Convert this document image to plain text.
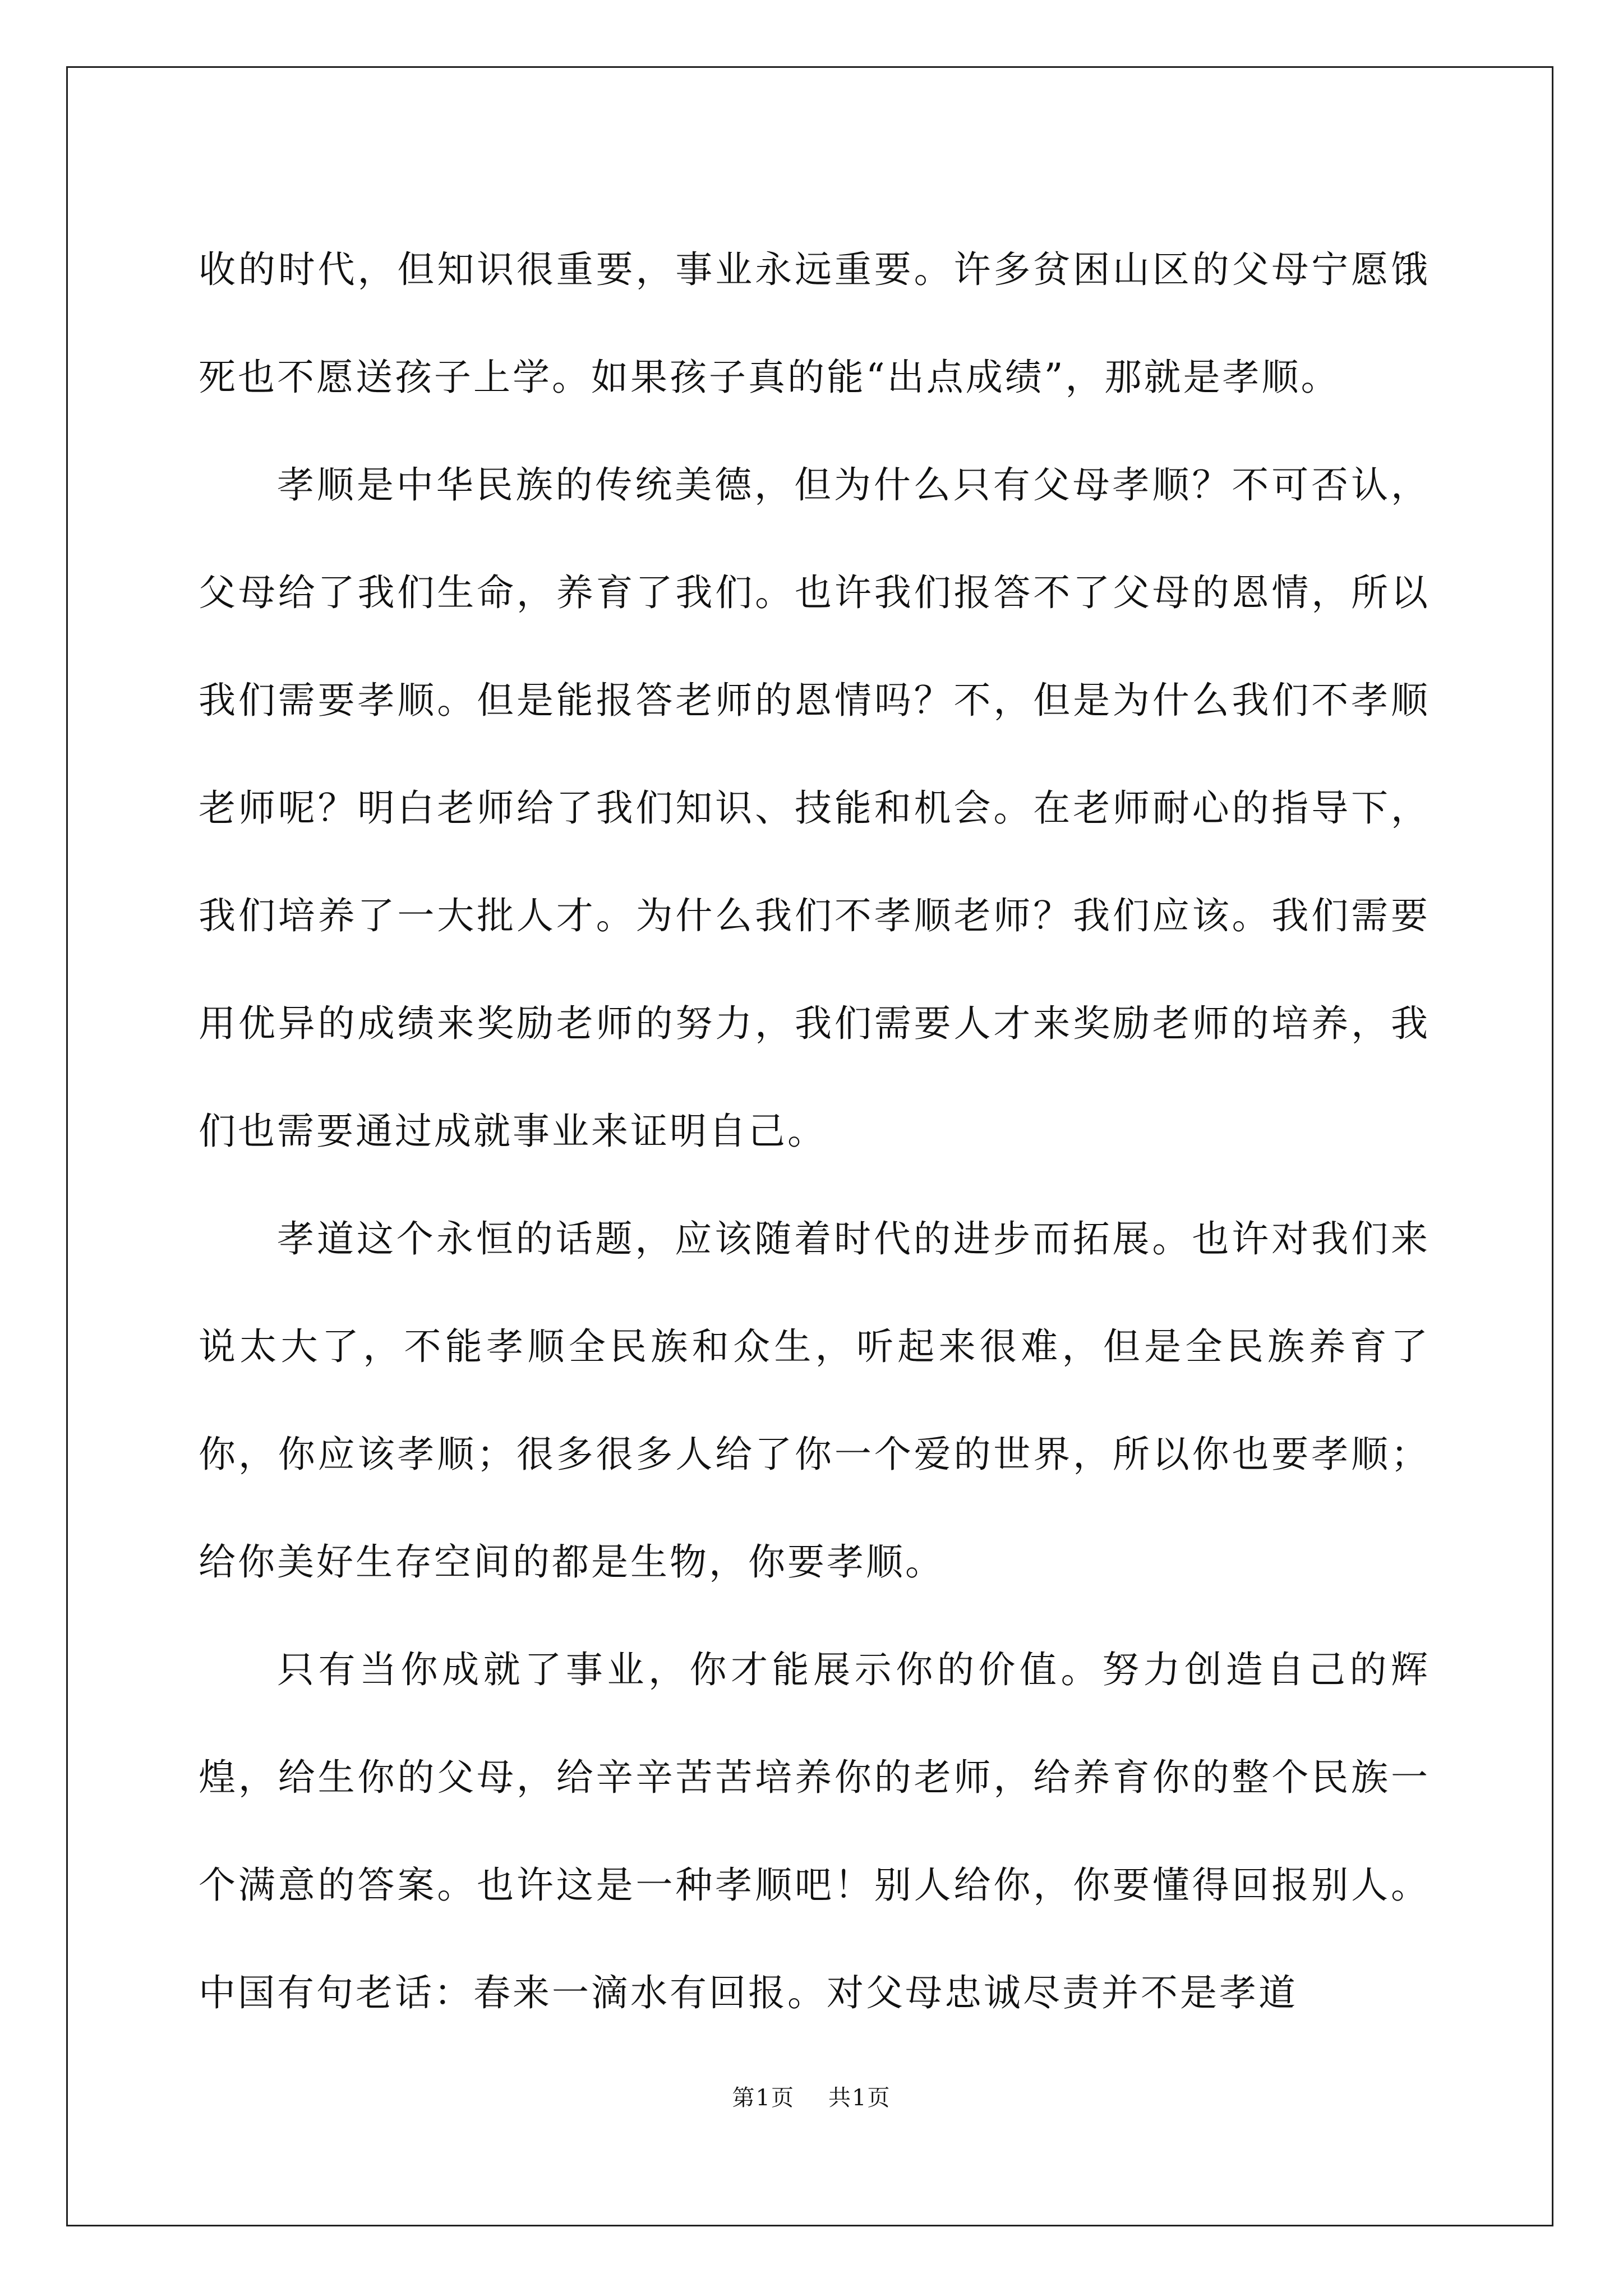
收的时代，但知识很重要，事业永远重要。许多贫困山区的父母宁愿饿死也不愿送孩子上学。如果孩子真的能“出点成绩”，那就是孝顺。

孝顺是中华民族的传统美德，但为什么只有父母孝顺？不可否认，父母给了我们生命，养育了我们。也许我们报答不了父母的恩情，所以我们需要孝顺。但是能报答老师的恩情吗？不，但是为什么我们不孝顺老师呢？明白老师给了我们知识、技能和机会。在老师耐心的指导下，我们培养了一大批人才。为什么我们不孝顺老师？我们应该。我们需要用优异的成绩来奖励老师的努力，我们需要人才来奖励老师的培养，我们也需要通过成就事业来证明自己。

孝道这个永恒的话题，应该随着时代的进步而拓展。也许对我们来说太大了，不能孝顺全民族和众生，听起来很难，但是全民族养育了你，你应该孝顺；很多很多人给了你一个爱的世界，所以你也要孝顺；给你美好生存空间的都是生物，你要孝顺。

只有当你成就了事业，你才能展示你的价值。努力创造自己的辉煌，给生你的父母，给辛辛苦苦培养你的老师，给养育你的整个民族一个满意的答案。也许这是一种孝顺吧！别人给你，你要懂得回报别人。中国有句老话：春来一滴水有回报。对父母忠诚尽责并不是孝道

第1页 共1页
